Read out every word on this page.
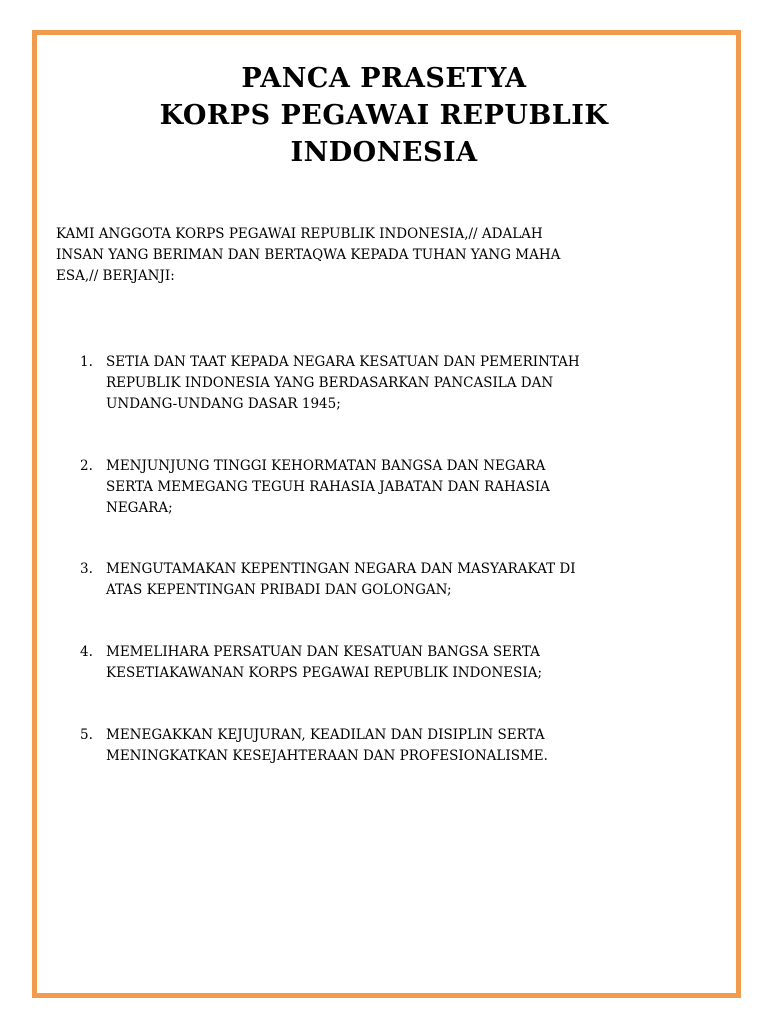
PANCA PRASETYA
KORPS PEGAWAI REPUBLIK
INDONESIA
KAMI ANGGOTA KORPS PEGAWAI REPUBLIK INDONESIA,// ADALAH
INSAN YANG BERIMAN DAN BERTAQWA KEPADA TUHAN YANG MAHA
ESA,// BERJANJI:
1. SETIA DAN TAAT KEPADA NEGARA KESATUAN DAN PEMERINTAH
REPUBLIK INDONESIA YANG BERDASARKAN PANCASILA DAN
UNDANG-UNDANG DASAR 1945;
2. MENJUNJUNG TINGGI KEHORMATAN BANGSA DAN NEGARA
SERTA MEMEGANG TEGUH RAHASIA JABATAN DAN RAHASIA
NEGARA;
3. MENGUTAMAKAN KEPENTINGAN NEGARA DAN MASYARAKAT DI
ATAS KEPENTINGAN PRIBADI DAN GOLONGAN;
4. MEMELIHARA PERSATUAN DAN KESATUAN BANGSA SERTA
KESETIAKAWANAN KORPS PEGAWAI REPUBLIK INDONESIA;
5. MENEGAKKAN KEJUJURAN, KEADILAN DAN DISIPLIN SERTA
MENINGKATKAN KESEJAHTERAAN DAN PROFESIONALISME.
